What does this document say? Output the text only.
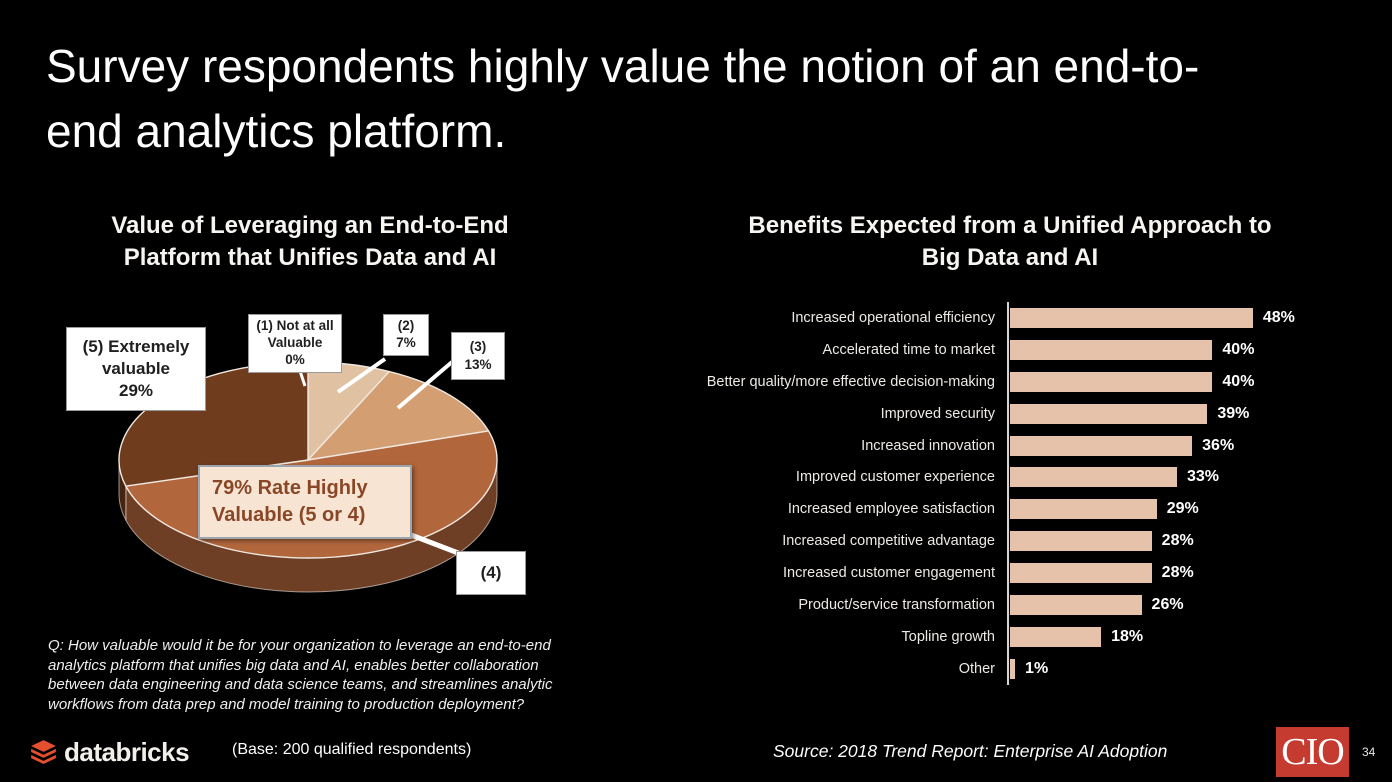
Survey respondents highly value the notion of an end-to-end analytics platform.
Value of Leveraging an End-to-End Platform that Unifies Data and AI
(5) Extremely valuable
29%
(1) Not at all
Valuable
0%
(2)
7%	(3)
13%
(4)
79% Rate Highly Valuable (5 or 4)
Q: How valuable would it be for your organization to leverage an end-to-end analytics platform that unifies big data and AI, enables better collaboration between data engineering and data science teams, and streamlines analytic workflows from data prep and model training to production deployment?
Benefits Expected from a Unified Approach to Big Data and AI
Increased operational efficiency	48%
Accelerated time to market	40%
Better quality/more effective decision-making	40%
Improved security	39%
Increased innovation	36%
Improved customer experience	33%
Increased employee satisfaction	29%
Increased competitive advantage	28%
Increased customer engagement	28%
Product/service transformation	26%
Topline growth	18%
Other	1%
databricks	(Base: 200 qualified respondents)	Source: 2018 Trend Report: Enterprise AI Adoption	CIO 34
